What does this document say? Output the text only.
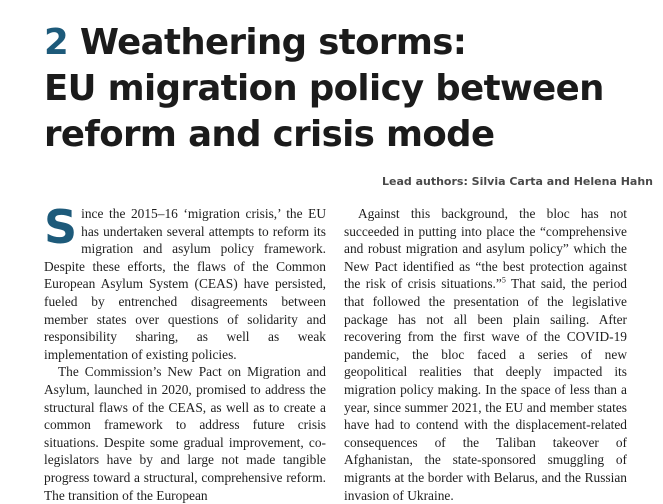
2 Weathering storms:
EU migration policy between
reform and crisis mode
Lead authors: Silvia Carta and Helena Hahn

Since the 2015–16 ‘migration crisis,’ the EU has undertaken several attempts to reform its migration and asylum policy framework. Despite these efforts, the flaws of the Common European Asylum System (CEAS) have persisted, fueled by entrenched disagreements between member states over questions of solidarity and responsibility sharing, as well as weak implementation of existing policies.

The Commission’s New Pact on Migration and Asylum, launched in 2020, promised to address the structural flaws of the CEAS, as well as to create a common framework to address future crisis situations. Despite some gradual improvement, co-legislators have by and large not made tangible progress toward a structural, comprehensive reform. The transition of the European

Against this background, the bloc has not succeeded in putting into place the “comprehensive and robust migration and asylum policy” which the New Pact identified as “the best protection against the risk of crisis situations.”$^5$ That said, the period that followed the presentation of the legislative package has not all been plain sailing. After recovering from the first wave of the COVID-19 pandemic, the bloc faced a series of new geopolitical realities that deeply impacted its migration policy making. In the space of less than a year, since summer 2021, the EU and member states have had to contend with the displacement-related consequences of the Taliban takeover of Afghanistan, the state-sponsored smuggling of migrants at the border with Belarus, and the Russian invasion of Ukraine.
